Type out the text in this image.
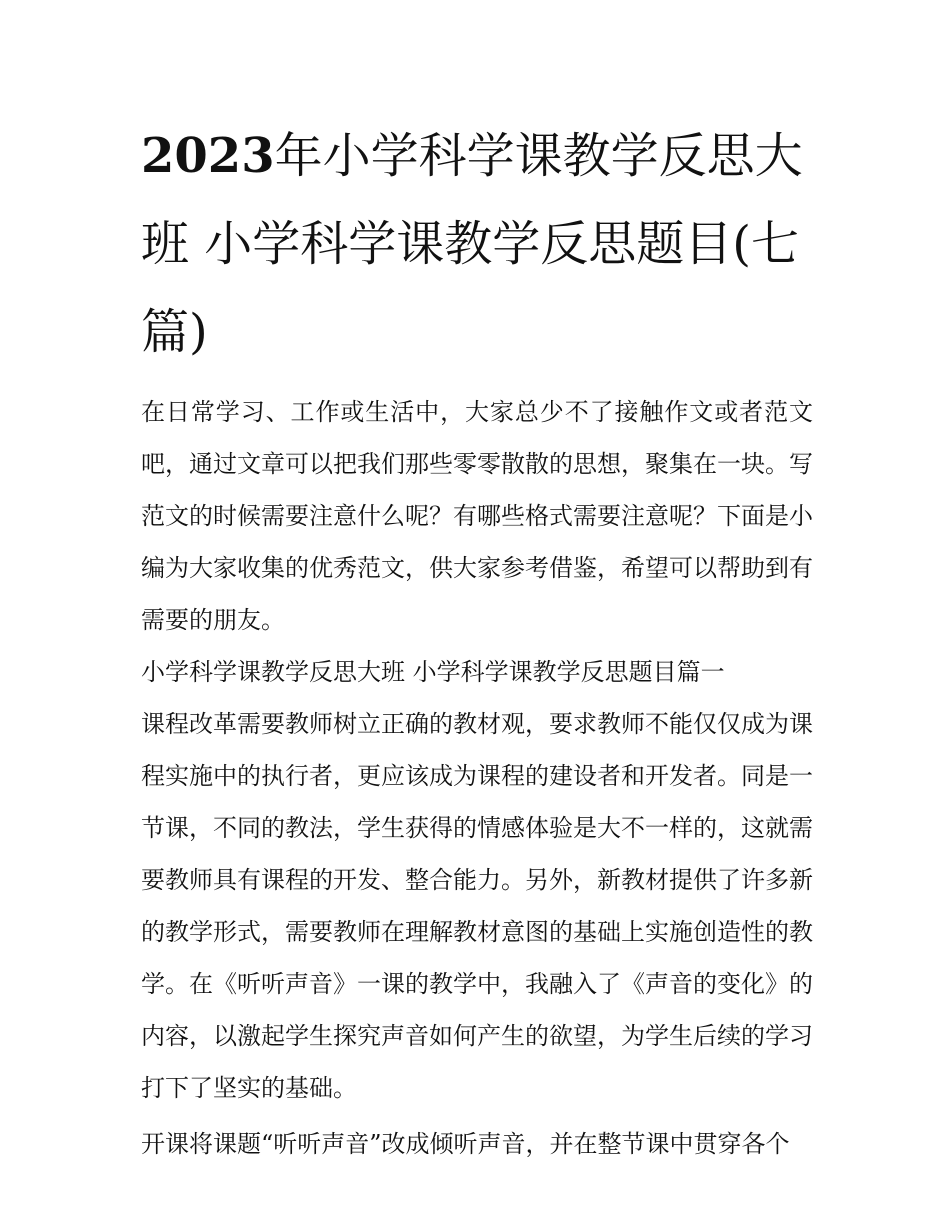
2023年小学科学课教学反思大班 小学科学课教学反思题目(七篇)

在日常学习、工作或生活中，大家总少不了接触作文或者范文吧，通过文章可以把我们那些零零散散的思想，聚集在一块。写范文的时候需要注意什么呢？有哪些格式需要注意呢？下面是小编为大家收集的优秀范文，供大家参考借鉴，希望可以帮助到有需要的朋友。

小学科学课教学反思大班 小学科学课教学反思题目篇一

课程改革需要教师树立正确的教材观，要求教师不能仅仅成为课程实施中的执行者，更应该成为课程的建设者和开发者。同是一节课，不同的教法，学生获得的情感体验是大不一样的，这就需要教师具有课程的开发、整合能力。另外，新教材提供了许多新的教学形式，需要教师在理解教材意图的基础上实施创造性的教学。在《听听声音》一课的教学中，我融入了《声音的变化》的内容，以激起学生探究声音如何产生的欲望，为学生后续的学习打下了坚实的基础。

开课将课题“听听声音”改成倾听声音，并在整节课中贯穿各个
